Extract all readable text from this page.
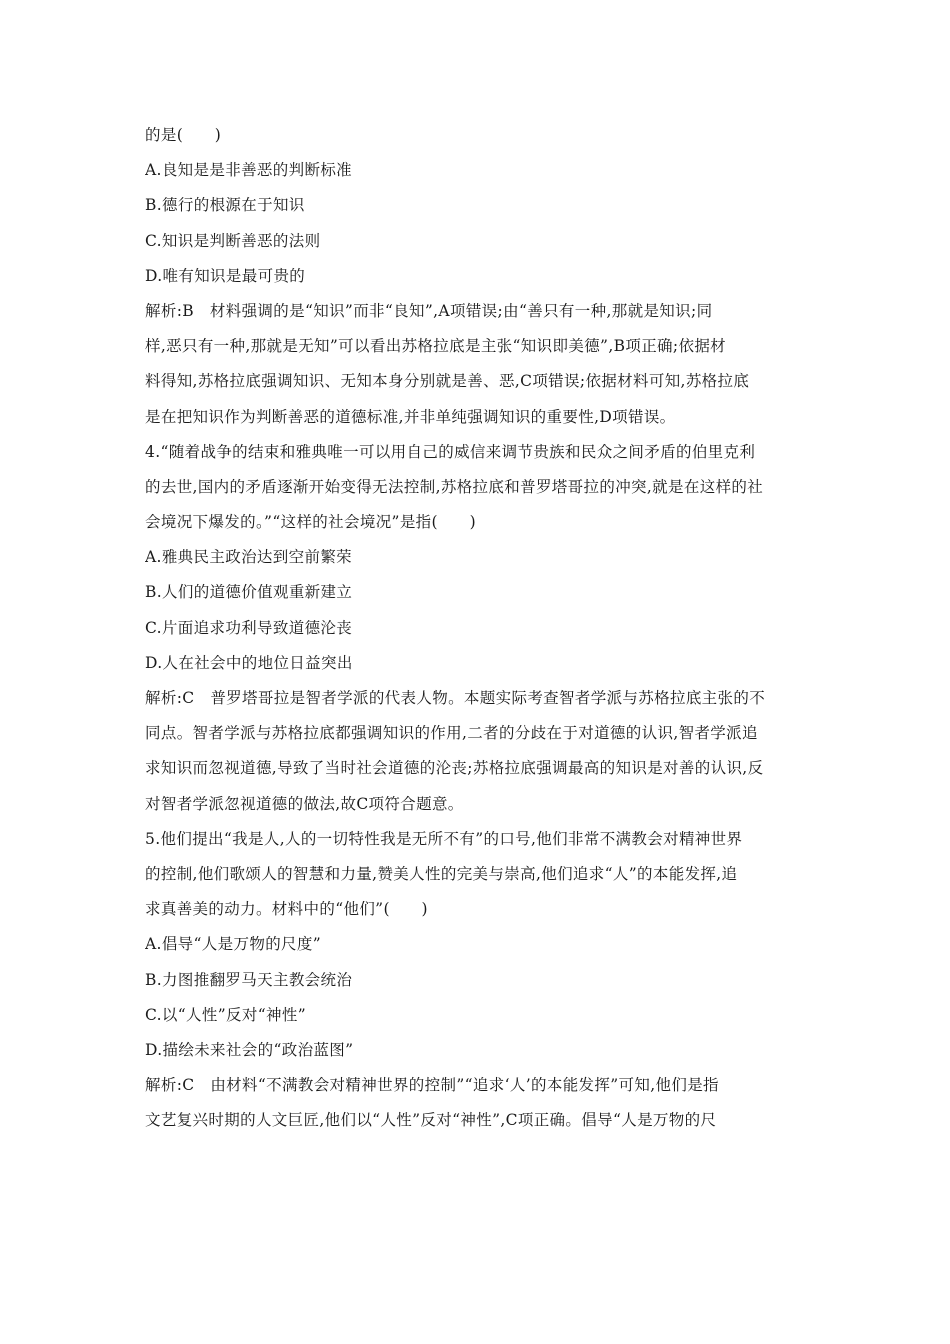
的是(　　)
A.良知是是非善恶的判断标准
B.德行的根源在于知识
C.知识是判断善恶的法则
D.唯有知识是最可贵的
解析:B　材料强调的是“知识”而非“良知”,A项错误;由“善只有一种,那就是知识;同
样,恶只有一种,那就是无知”可以看出苏格拉底是主张“知识即美德”,B项正确;依据材
料得知,苏格拉底强调知识、无知本身分别就是善、恶,C项错误;依据材料可知,苏格拉底
是在把知识作为判断善恶的道德标准,并非单纯强调知识的重要性,D项错误。
4.“随着战争的结束和雅典唯一可以用自己的威信来调节贵族和民众之间矛盾的伯里克利
的去世,国内的矛盾逐渐开始变得无法控制,苏格拉底和普罗塔哥拉的冲突,就是在这样的社
会境况下爆发的。”“这样的社会境况”是指(　　)
A.雅典民主政治达到空前繁荣
B.人们的道德价值观重新建立
C.片面追求功利导致道德沦丧
D.人在社会中的地位日益突出
解析:C　普罗塔哥拉是智者学派的代表人物。本题实际考查智者学派与苏格拉底主张的不
同点。智者学派与苏格拉底都强调知识的作用,二者的分歧在于对道德的认识,智者学派追
求知识而忽视道德,导致了当时社会道德的沦丧;苏格拉底强调最高的知识是对善的认识,反
对智者学派忽视道德的做法,故C项符合题意。
5.他们提出“我是人,人的一切特性我是无所不有”的口号,他们非常不满教会对精神世界
的控制,他们歌颂人的智慧和力量,赞美人性的完美与崇高,他们追求“人”的本能发挥,追
求真善美的动力。材料中的“他们”(　　)
A.倡导“人是万物的尺度”
B.力图推翻罗马天主教会统治
C.以“人性”反对“神性”
D.描绘未来社会的“政治蓝图”
解析:C　由材料“不满教会对精神世界的控制”“追求‘人’的本能发挥”可知,他们是指
文艺复兴时期的人文巨匠,他们以“人性”反对“神性”,C项正确。倡导“人是万物的尺
